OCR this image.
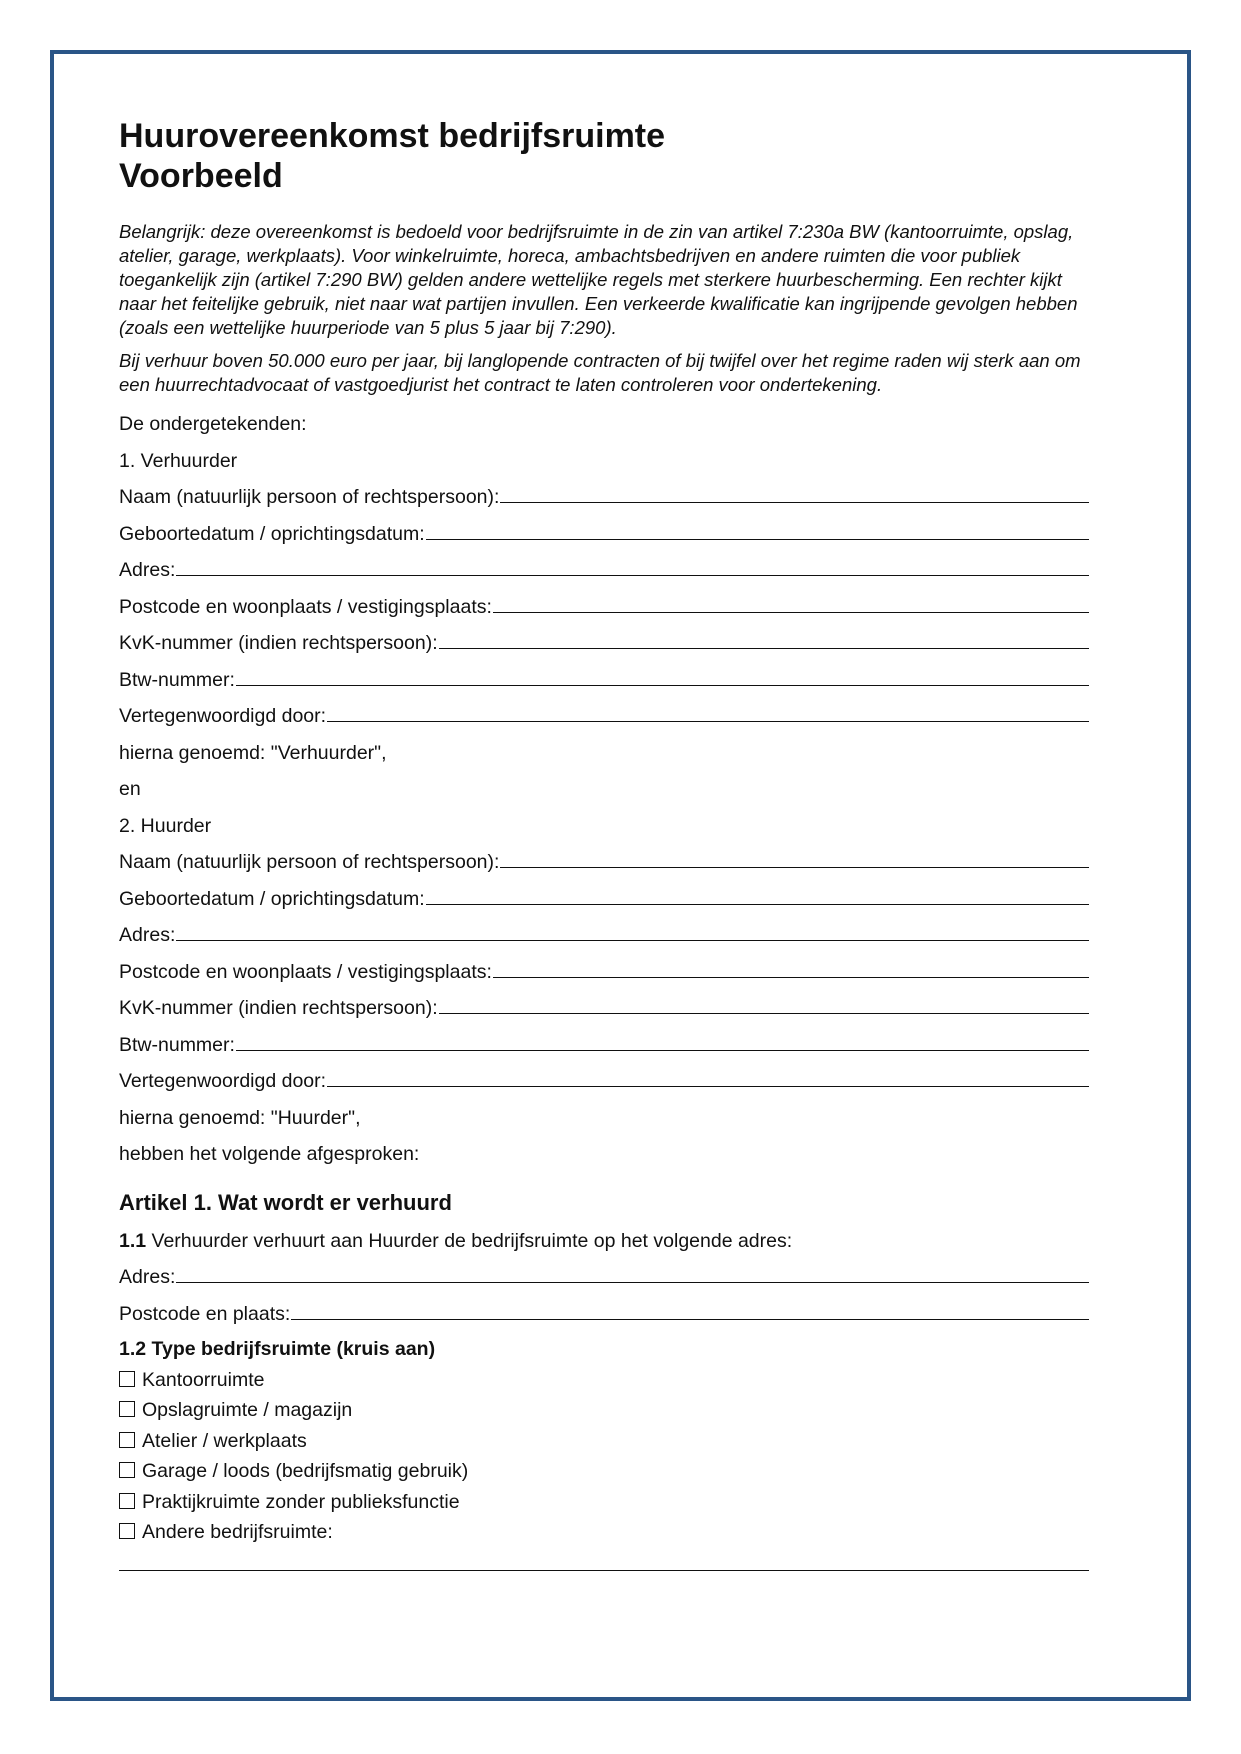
Huurovereenkomst bedrijfsruimte
Voorbeeld

Belangrijk: deze overeenkomst is bedoeld voor bedrijfsruimte in de zin van artikel 7:230a BW (kantoorruimte, opslag, atelier, garage, werkplaats). Voor winkelruimte, horeca, ambachtsbedrijven en andere ruimten die voor publiek toegankelijk zijn (artikel 7:290 BW) gelden andere wettelijke regels met sterkere huurbescherming. Een rechter kijkt naar het feitelijke gebruik, niet naar wat partijen invullen. Een verkeerde kwalificatie kan ingrijpende gevolgen hebben (zoals een wettelijke huurperiode van 5 plus 5 jaar bij 7:290).

Bij verhuur boven 50.000 euro per jaar, bij langlopende contracten of bij twijfel over het regime raden wij sterk aan om een huurrechtadvocaat of vastgoedjurist het contract te laten controleren voor ondertekening.

De ondergetekenden:
1. Verhuurder
Naam (natuurlijk persoon of rechtspersoon):
Geboortedatum / oprichtingsdatum:
Adres:
Postcode en woonplaats / vestigingsplaats:
KvK-nummer (indien rechtspersoon):
Btw-nummer:
Vertegenwoordigd door:
hierna genoemd: "Verhuurder",
en
2. Huurder
Naam (natuurlijk persoon of rechtspersoon):
Geboortedatum / oprichtingsdatum:
Adres:
Postcode en woonplaats / vestigingsplaats:
KvK-nummer (indien rechtspersoon):
Btw-nummer:
Vertegenwoordigd door:
hierna genoemd: "Huurder",
hebben het volgende afgesproken:
Artikel 1. Wat wordt er verhuurd
1.1 Verhuurder verhuurt aan Huurder de bedrijfsruimte op het volgende adres:
Adres:
Postcode en plaats:
1.2 Type bedrijfsruimte (kruis aan)
Kantoorruimte
Opslagruimte / magazijn
Atelier / werkplaats
Garage / loods (bedrijfsmatig gebruik)
Praktijkruimte zonder publieksfunctie
Andere bedrijfsruimte:
